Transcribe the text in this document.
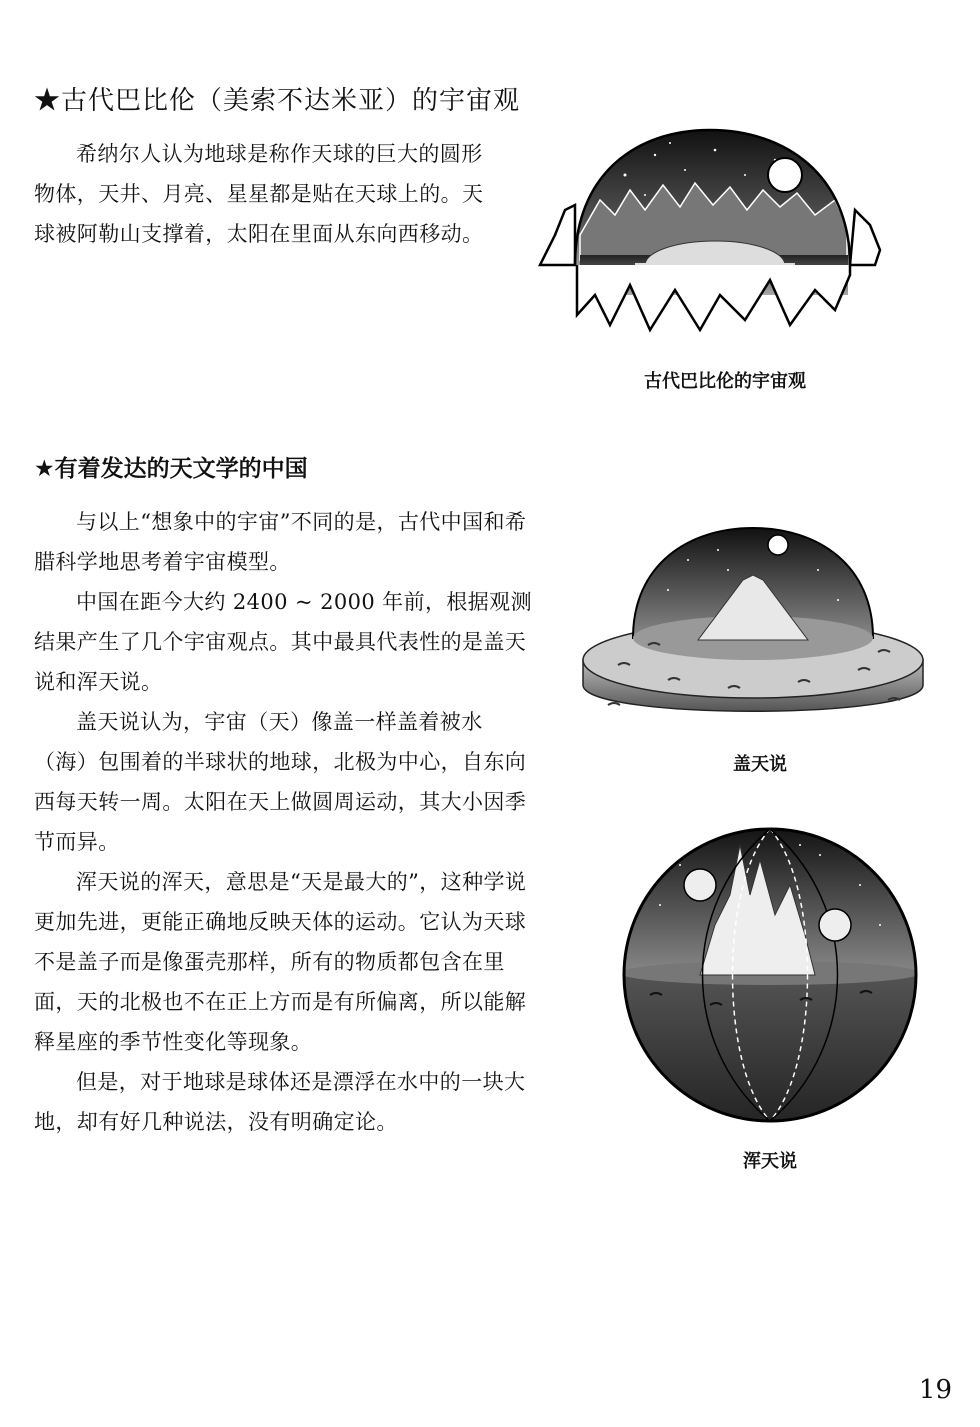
★古代巴比伦（美索不达米亚）的宇宙观

希纳尔人认为地球是称作天球的巨大的圆形物体，天井、月亮、星星都是贴在天球上的。天球被阿勒山支撑着，太阳在里面从东向西移动。

古代巴比伦的宇宙观
★有着发达的天文学的中国

与以上“想象中的宇宙”不同的是，古代中国和希腊科学地思考着宇宙模型。

中国在距今大约 2400 ~ 2000 年前，根据观测结果产生了几个宇宙观点。其中最具代表性的是盖天说和浑天说。

盖天说认为，宇宙（天）像盖一样盖着被水（海）包围着的半球状的地球，北极为中心，自东向西每天转一周。太阳在天上做圆周运动，其大小因季节而异。

浑天说的浑天，意思是“天是最大的”，这种学说更加先进，更能正确地反映天体的运动。它认为天球不是盖子而是像蛋壳那样，所有的物质都包含在里面，天的北极也不在正上方而是有所偏离，所以能解释星座的季节性变化等现象。

但是，对于地球是球体还是漂浮在水中的一块大地，却有好几种说法，没有明确定论。

盖天说
浑天说
19
